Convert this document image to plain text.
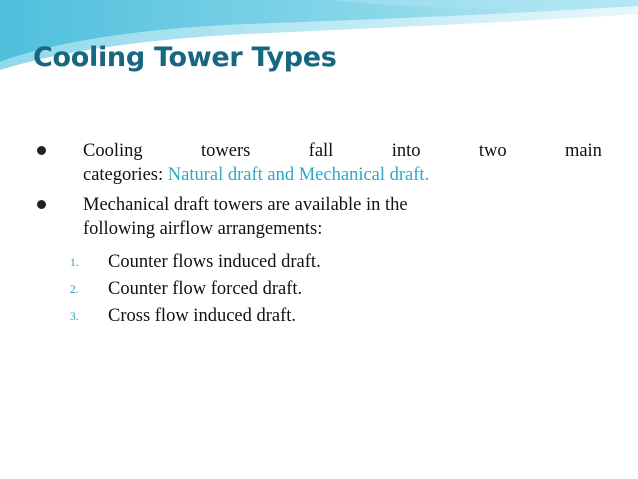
Cooling Tower Types
Cooling	towers	fall	into	two	main
categories: Natural draft and Mechanical draft.
Mechanical draft towers are available in the
following airflow arrangements:
1. Counter flows induced draft.
2. Counter flow forced draft.
3. Cross flow induced draft.
